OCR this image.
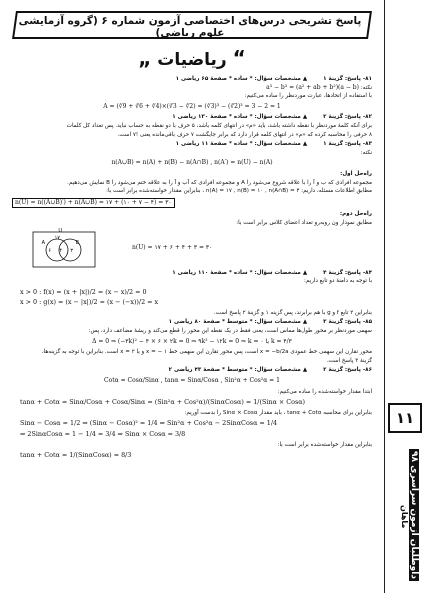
۱۱
داوطلبان آزمون سراسری ۹۸
ماهان
پاسخ تشریحی درس‌های اختصاصی آزمون شماره ۶ (گروه آزمایشی علوم ریاضی)
“ ریاضیات „
۸۱- پاسخ: گزینهٔ ۱ ▲ مشخصات سؤال: * ساده * صفحهٔ ۶۵ ریاضی ۱
نکته: (a − b)(a² + ab + b²) = a³ − b³
با استفاده از اتحادها، عبارت موردنظر را ساده می‌کنیم:
A = (∛9 + ∛6 + ∛4)×(∛3 − ∛2) = (∛3)³ − (∛2)³ = 3 − 2 = 1
۸۲- پاسخ: گزینهٔ ۲ ▲ مشخصات سؤال: * ساده * صفحهٔ ۱۳۰ ریاضی ۱
برای آنکه کلمهٔ موردنظر با نقطه داشته باشد، باید «م» در انتهای کلمه باشد، ۵ حرف با دو نقطه به حساب نباید. پس تعداد کل کلمات
۸ حرفی را محاسبه کرده که «م» در انتهای کلمه قرار دارد که برابر جایگشت ۷ حرف باقی‌مانده یعنی !۷ است.
۸۳- پاسخ: گزینهٔ ۱ ▲ مشخصات سؤال: * ساده * صفحهٔ ۱۱ ریاضی ۱
نکته:
n(A∪B) = n(A) + n(B) − n(A∩B) , n(A′) = n(U) − n(A)
راه‌حل اول:
مجموعه افرادی که ب و آ را با علاقه شروع می‌شود را A و مجموعه افرادی که آب و آ را به علاقه ختم می‌شود را B نمایش می‌دهیم.
مطابق اطلاعات مسئله، داریم: n(A) = ۱۷ , n(B) = ۱۰ , n(A∩B) = ۴ ، بنابراین مقدار خواسته‌شده برابر است با:
n(U) = n((A∪B)′) + n(A∪B) = ۱۷ + (۱۰ + ۷ − ۴) = ۳۰
راه‌حل دوم:
مطابق نمودار ون روبه‌رو تعداد اعضای کلاس برابر است با:
U
A	B
۶ ۴ ۳
۱۷
n(U) = ۱۷ + ۶ + ۴ + ۳ = ۳۰
۸۴- پاسخ: گزینهٔ ۴ ▲ مشخصات سؤال: * ساده * صفحهٔ ۱۱۰ ریاضی ۱
با توجه به دامنهٔ دو تابع داریم:
x > 0 : f(x) = (x + |x|)/2 = (x − x)/2 = 0
x > 0 : g(x) = (x − |x|)/2 = (x − (−x))/2 = x
بنابراین ۲ تابع f و g با هم برابرند، پس گزینه ۱ و گزینهٔ ۲ پاسخ است.
۸۵- پاسخ: گزینهٔ ۳ ▲ مشخصات سؤال: * متوسط * صفحهٔ ۸۰ ریاضی ۱
سهمی موردنظر بر محور طول‌ها مماس است، یعنی فقط در یک نقطه این محور را قطع می‌کند و ریشهٔ مضاعف دارد، پس:
Δ = 0 ⇒ (−۳k)² − ۴ × ۶ × ۲k = 0 ⇒ ۹k² − ۱۲k = 0 ⇒ k = ۰ یا k = ۴/۳
محور تقارن این سهمی خط عمودی x = −b/2a است، پس محور تقارن این سهمی خط ۱ − = x و یا ۲ = x است. بنابراین با توجه به گزینه‌ها،
گزینهٔ ۳ پاسخ است.
۸۶- پاسخ: گزینهٔ ۲ ▲ مشخصات سؤال: * متوسط * صفحهٔ ۴۳ ریاضی ۲
Cotα = Cosα/Sinα , tanα = Sinα/Cosα , Sin²α + Cos²α = 1
ابتدا مقدار خواسته‌شده را ساده می‌کنیم:
tanα + Cotα = Sinα/Cosα + Cosα/Sinα = (Sin²α + Cos²α)/(SinαCosα) = 1/(Sinα × Cosα)
بنابراین برای محاسبه tanα + Cotα ، باید مقدار Sinα × Cosα را بدست آوریم:
Sinα − Cosα = 1/2 ⇒ (Sinα − Cosα)² = 1/4 ⇒ Sin²α + Cos²α − 2SinαCosα = 1/4
⇒ 2SinαCosα = 1 − 1/4 = 3/4 ⇒ Sinα × Cosα = 3/8
بنابراین مقدار خواسته‌شده برابر است با:
tanα + Cotα = 1/(SinαCosα) = 8/3
